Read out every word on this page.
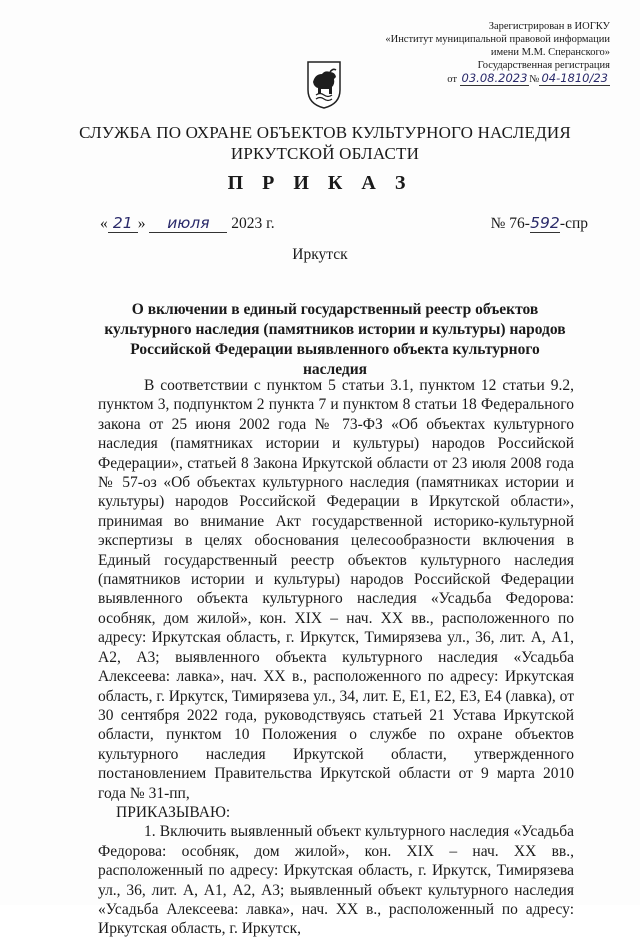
Зарегистрирован в ИОГКУ
«Институт муниципальной правовой информации
имени М.М. Сперанского»
Государственная регистрация
от 03.08.2023 № 04-1810/23
СЛУЖБА ПО ОХРАНЕ ОБЪЕКТОВ КУЛЬТУРНОГО НАСЛЕДИЯ
ИРКУТСКОЙ ОБЛАСТИ
П Р И К А З
« 21 » июля 2023 г.	№ 76-592-спр
Иркутск
О включении в единый государственный реестр объектов культурного наследия (памятников истории и культуры) народов Российской Федерации выявленного объекта культурного наследия

В соответствии с пунктом 5 статьи 3.1, пунктом 12 статьи 9.2, пунктом 3, подпунктом 2 пункта 7 и пунктом 8 статьи 18 Федерального закона от 25 июня 2002 года № 73-ФЗ «Об объектах культурного наследия (памятниках истории и культуры) народов Российской Федерации», статьей 8 Закона Иркутской области от 23 июля 2008 года № 57-оз «Об объектах культурного наследия (памятниках истории и культуры) народов Российской Федерации в Иркутской области», принимая во внимание Акт государственной историко-культурной экспертизы в целях обоснования целесообразности включения в Единый государственный реестр объектов культурного наследия (памятников истории и культуры) народов Российской Федерации выявленного объекта культурного наследия «Усадьба Федорова: особняк, дом жилой», кон. XIX – нач. XX вв., расположенного по адресу: Иркутская область, г. Иркутск, Тимирязева ул., 36, лит. А, А1, А2, А3; выявленного объекта культурного наследия «Усадьба Алексеева: лавка», нач. XX в., расположенного по адресу: Иркутская область, г. Иркутск, Тимирязева ул., 34, лит. Е, Е1, Е2, Е3, Е4 (лавка), от 30 сентября 2022 года, руководствуясь статьей 21 Устава Иркутской области, пунктом 10 Положения о службе по охране объектов культурного наследия Иркутской области, утвержденного постановлением Правительства Иркутской области от 9 марта 2010 года № 31-пп,

ПРИКАЗЫВАЮ:

1. Включить выявленный объект культурного наследия «Усадьба Федорова: особняк, дом жилой», кон. XIX – нач. XX вв., расположенный по адресу: Иркутская область, г. Иркутск, Тимирязева ул., 36, лит. А, А1, А2, А3; выявленный объект культурного наследия «Усадьба Алексеева: лавка», нач. XX в., расположенный по адресу: Иркутская область, г. Иркутск,
